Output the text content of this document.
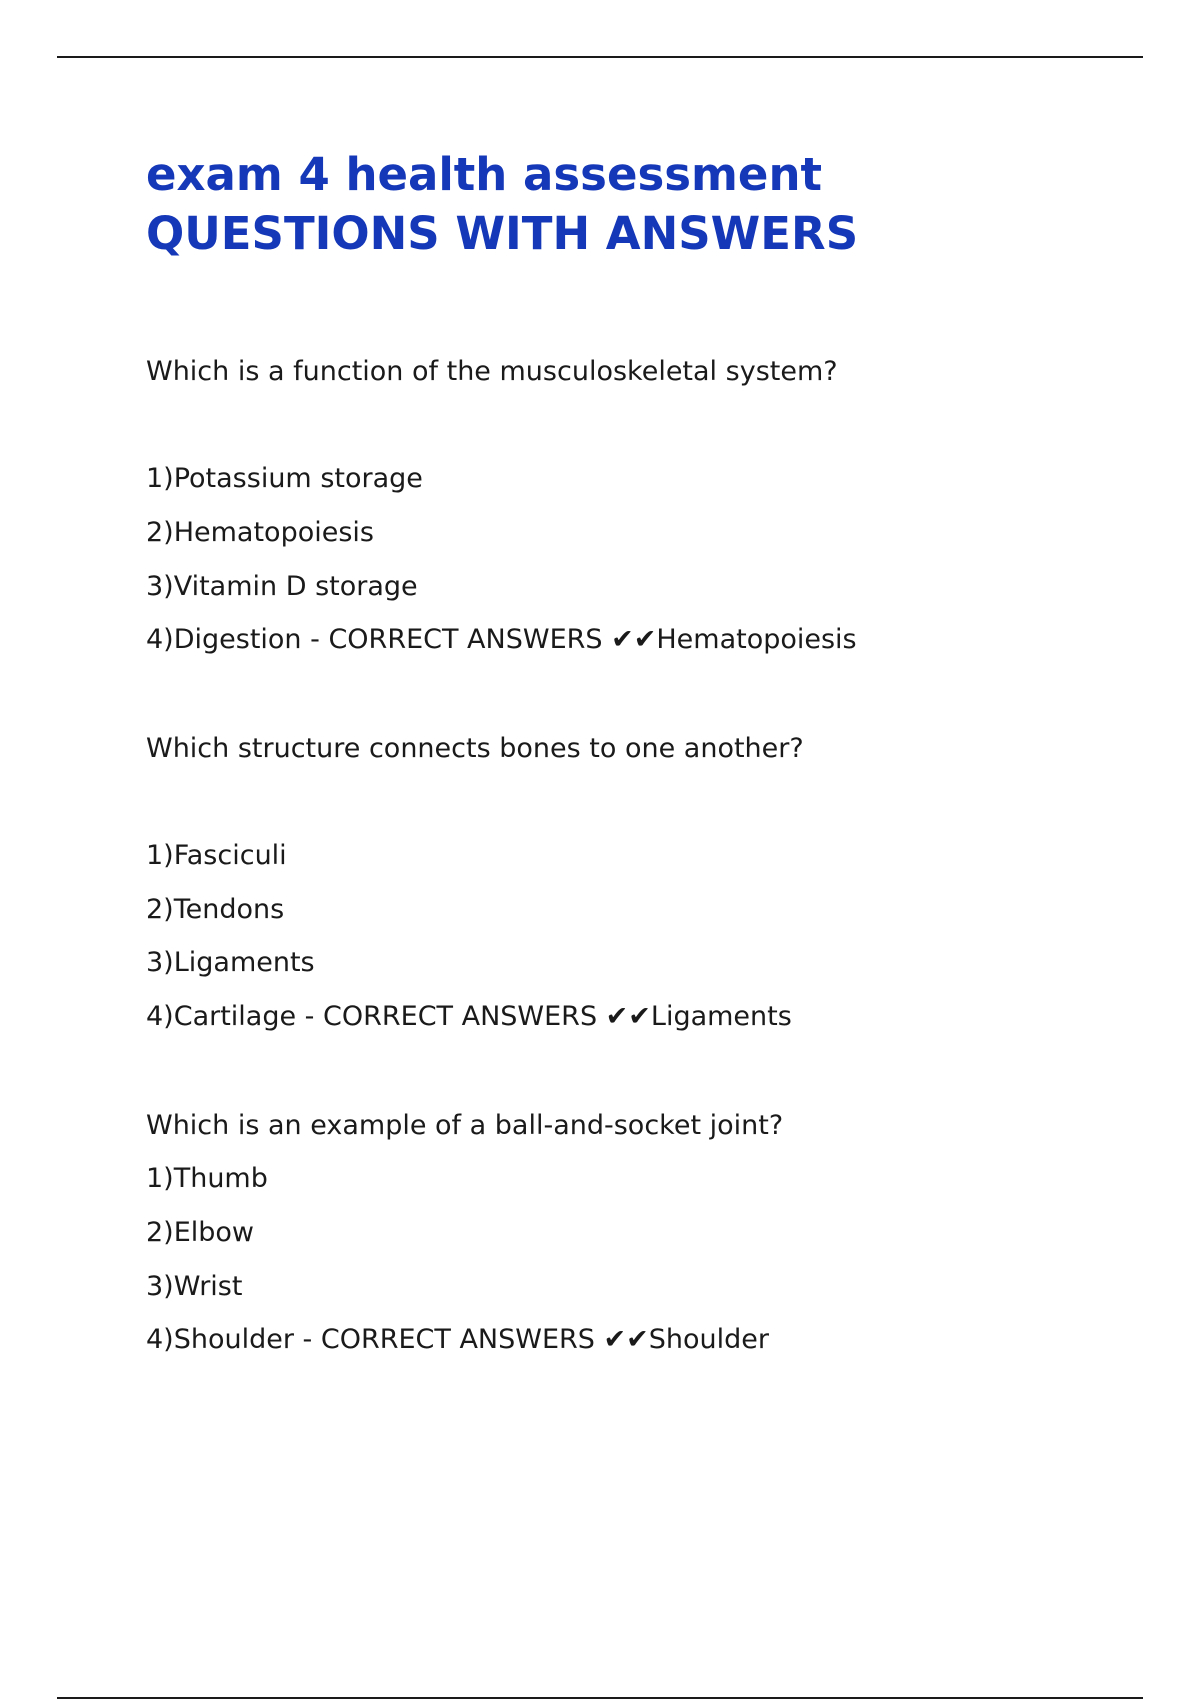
exam 4 health assessment
QUESTIONS WITH ANSWERS

Which is a function of the musculoskeletal system?

1)Potassium storage

2)Hematopoiesis

3)Vitamin D storage

4)Digestion - CORRECT ANSWERS ✔✔Hematopoiesis

Which structure connects bones to one another?

1)Fasciculi

2)Tendons

3)Ligaments

4)Cartilage - CORRECT ANSWERS ✔✔Ligaments

Which is an example of a ball-and-socket joint?

1)Thumb

2)Elbow

3)Wrist

4)Shoulder - CORRECT ANSWERS ✔✔Shoulder
